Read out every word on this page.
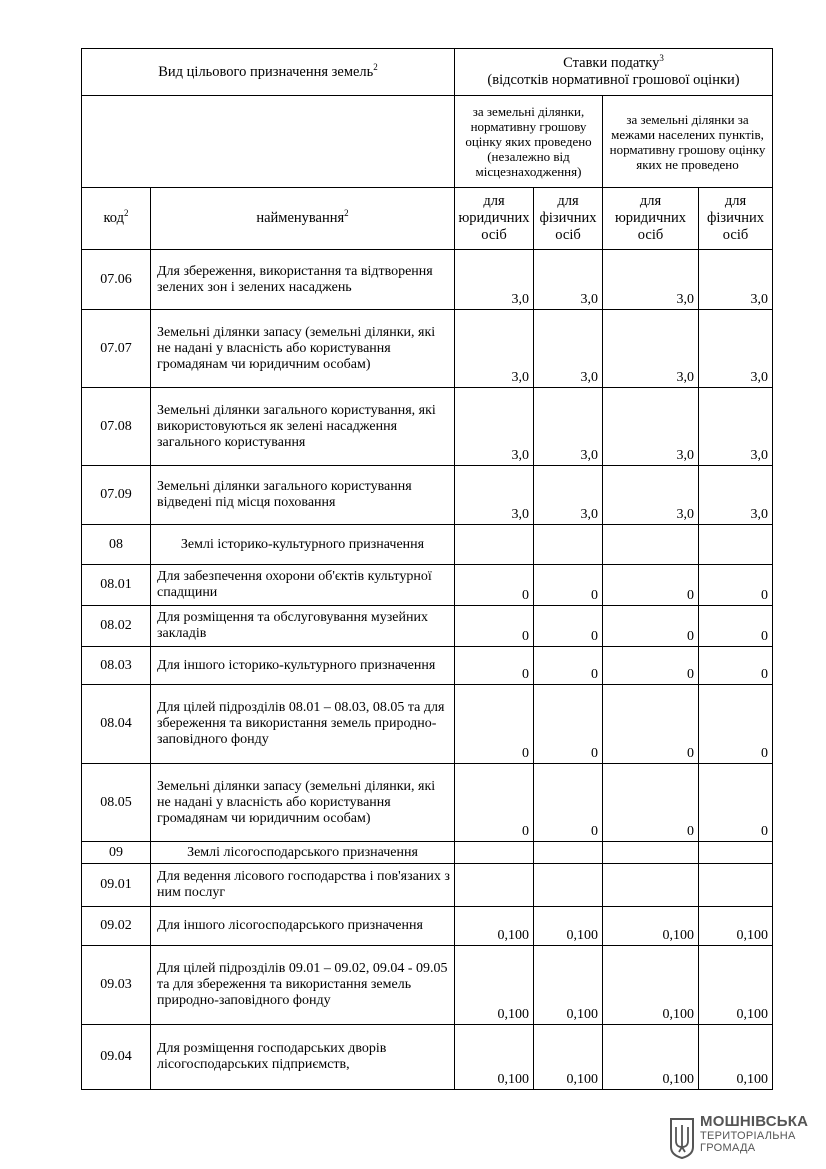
Вид цільового призначення земель$^2$		Ставки податку$^3$
(відсотків нормативної грошової оцінки)			
		за земельні ділянки, нормативну грошову оцінку яких проведено (незалежно від місцезнаходження)		за земельні ділянки за межами населених пунктів, нормативну грошову оцінку яких не проведено	
код$^2$	найменування$^2$	для юридичних осіб	для фізичних осіб	для юридичних осіб	для фізичних осіб
07.06	Для збереження, використання та відтворення зелених зон і зелених насаджень	3,0	3,0	3,0	3,0
07.07	Земельні ділянки запасу (земельні ділянки, які не надані у власність або користування громадянам чи юридичним особам)	3,0	3,0	3,0	3,0
07.08	Земельні ділянки загального користування, які використовуються як зелені насадження загального користування	3,0	3,0	3,0	3,0
07.09	Земельні ділянки загального користування відведені під місця поховання	3,0	3,0	3,0	3,0
08	Землі історико-культурного призначення				
08.01	Для забезпечення охорони об'єктів культурної спадщини	0	0	0	0
08.02	Для розміщення та обслуговування музейних закладів	0	0	0	0
08.03	Для іншого історико-культурного призначення	0	0	0	0
08.04	Для цілей підрозділів 08.01 – 08.03, 08.05 та для збереження та використання земель природно-заповідного фонду	0	0	0	0
08.05	Земельні ділянки запасу (земельні ділянки, які не надані у власність або користування громадянам чи юридичним особам)	0	0	0	0
09	Землі лісогосподарського призначення				
09.01	Для ведення лісового господарства і пов'язаних з ним послуг				
09.02	Для іншого лісогосподарського призначення	0,100	0,100	0,100	0,100
09.03	Для цілей підрозділів 09.01 – 09.02, 09.04 - 09.05 та для збереження та використання земель природно-заповідного фонду	0,100	0,100	0,100	0,100
09.04	Для розміщення господарських дворів лісогосподарських підприємств,	0,100	0,100	0,100	0,100
МОШНІВСЬКА
ТЕРИТОРІАЛЬНА
ГРОМАДА
